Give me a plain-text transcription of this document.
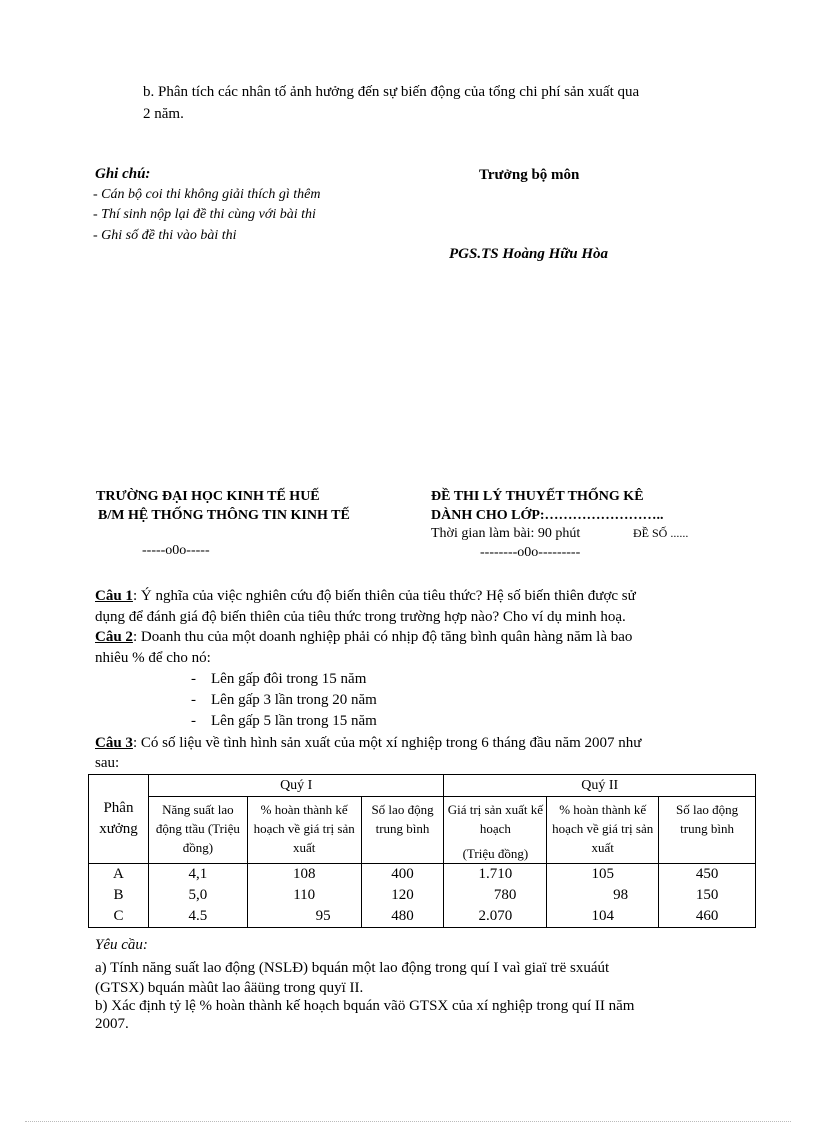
b. Phân tích các nhân tố ảnh hưởng đến sự biến động của tổng chi phí sản xuất qua
2 năm.
Ghi chú:
- Cán bộ coi thi không giải thích gì thêm
- Thí sinh nộp lại đề thi cùng với bài thi
- Ghi số đề thi vào bài thi
Trưởng bộ môn
PGS.TS Hoàng Hữu Hòa
TRƯỜNG ĐẠI HỌC KINH TẾ HUẾ
B/M HỆ THỐNG THÔNG TIN KINH TẾ
-----o0o-----
ĐỀ THI LÝ THUYẾT THỐNG KÊ
DÀNH CHO LỚP:……………………..
Thời gian làm bài: 90 phút	ĐỀ SỐ ......
--------o0o---------
Câu 1: Ý nghĩa của việc nghiên cứu độ biến thiên của tiêu thức? Hệ số biến thiên được sử
dụng để đánh giá độ biến thiên của tiêu thức trong trường hợp nào? Cho ví dụ minh hoạ.
Câu 2: Doanh thu của một doanh nghiệp phải có nhịp độ tăng bình quân hàng năm là bao
nhiêu % để cho nó:
-    Lên gấp đôi trong 15 năm
-    Lên gấp 3 lần trong 20 năm
-    Lên gấp 5 lần trong 15 năm
Câu 3: Có số liệu về tình hình sản xuất của một xí nghiệp trong 6 tháng đầu năm 2007 như
sau:
Phân xưởng	Quý I			Quý II		
	Năng suất lao động ttầu (Triệu đồng)	% hoàn thành kế hoạch về giá trị sản xuất	Số lao động trung bình	Giá trị sản xuất kế hoạch
(Triệu đồng)	% hoàn thành kế hoạch về giá trị sản xuất	Số lao động trung bình
A	4,1	108	400	1.710	105	450
B	5,0	110	120	780	98	150
C	4.5	95	480	2.070	104	460
Yêu cầu:
a) Tính năng suất lao động (NSLĐ) bquán một lao động trong quí I vaì giaï trë sxuáút
(GTSX) bquán màût lao âäüng trong quyï II.
b) Xác định tỷ lệ % hoàn thành kế hoạch bquán vãö GTSX của xí nghiệp trong quí II năm
2007.
